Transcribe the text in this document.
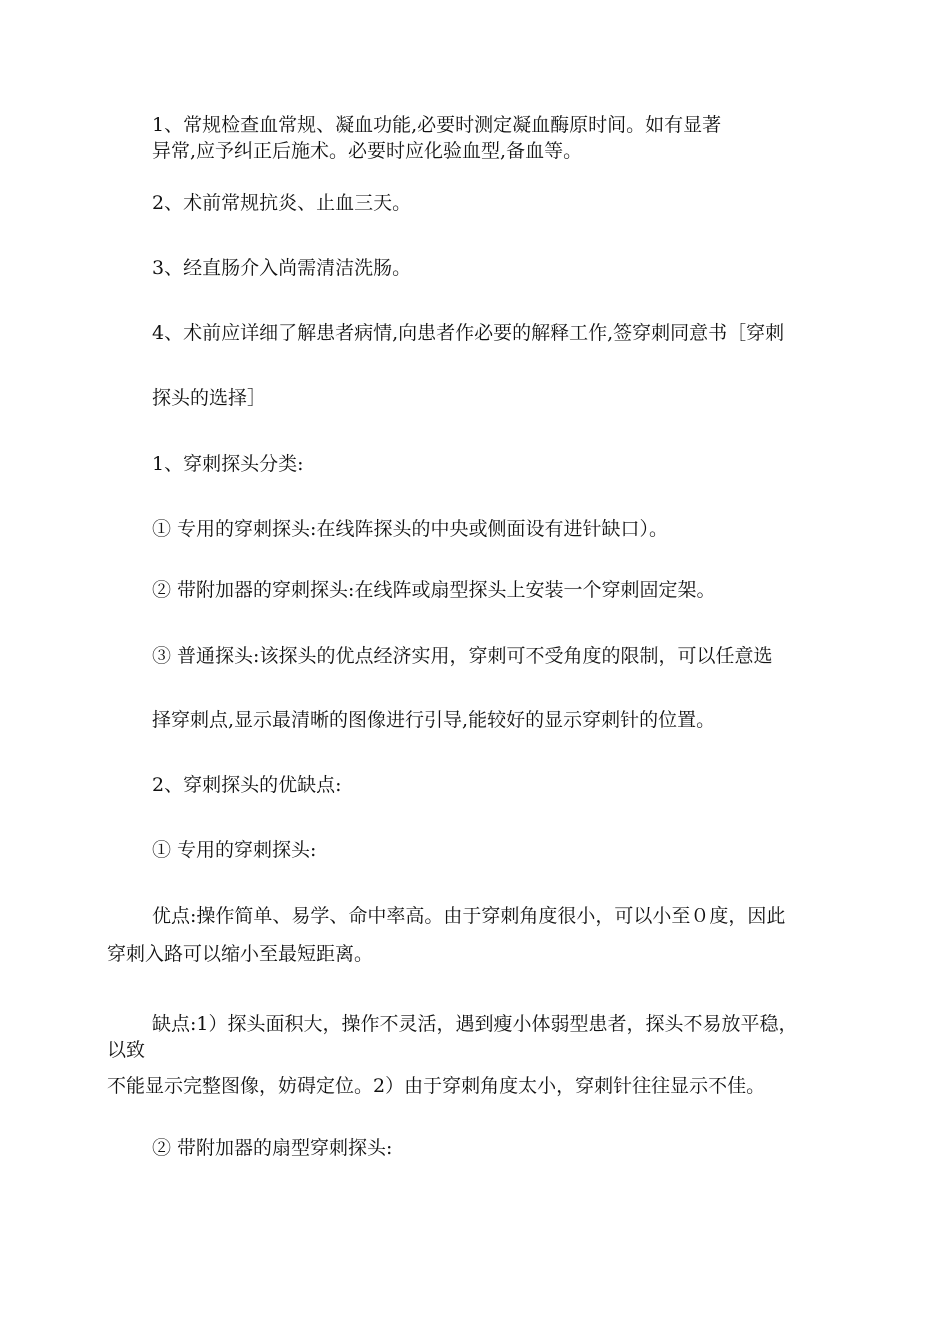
1、常规检查血常规、凝血功能,必要时测定凝血酶原时间。如有显著
异常,应予纠正后施术。必要时应化验血型,备血等。
2、术前常规抗炎、止血三天。
3、经直肠介入尚需清洁洗肠。
4、术前应详细了解患者病情,向患者作必要的解释工作,签穿刺同意书［穿刺
探头的选择］
1、穿刺探头分类:
① 专用的穿刺探头:在线阵探头的中央或侧面设有进针缺口）。
② 带附加器的穿刺探头:在线阵或扇型探头上安装一个穿刺固定架。
③ 普通探头:该探头的优点经济实用，穿刺可不受角度的限制，可以任意选
择穿刺点,显示最清晰的图像进行引导,能较好的显示穿刺针的位置。
2、穿刺探头的优缺点:
① 专用的穿刺探头:
优点:操作简单、易学、命中率高。由于穿刺角度很小，可以小至０度，因此
穿刺入路可以缩小至最短距离。
缺点:1）探头面积大，操作不灵活，遇到瘦小体弱型患者，探头不易放平稳，
以致
不能显示完整图像，妨碍定位。2）由于穿刺角度太小，穿刺针往往显示不佳。
② 带附加器的扇型穿刺探头:
